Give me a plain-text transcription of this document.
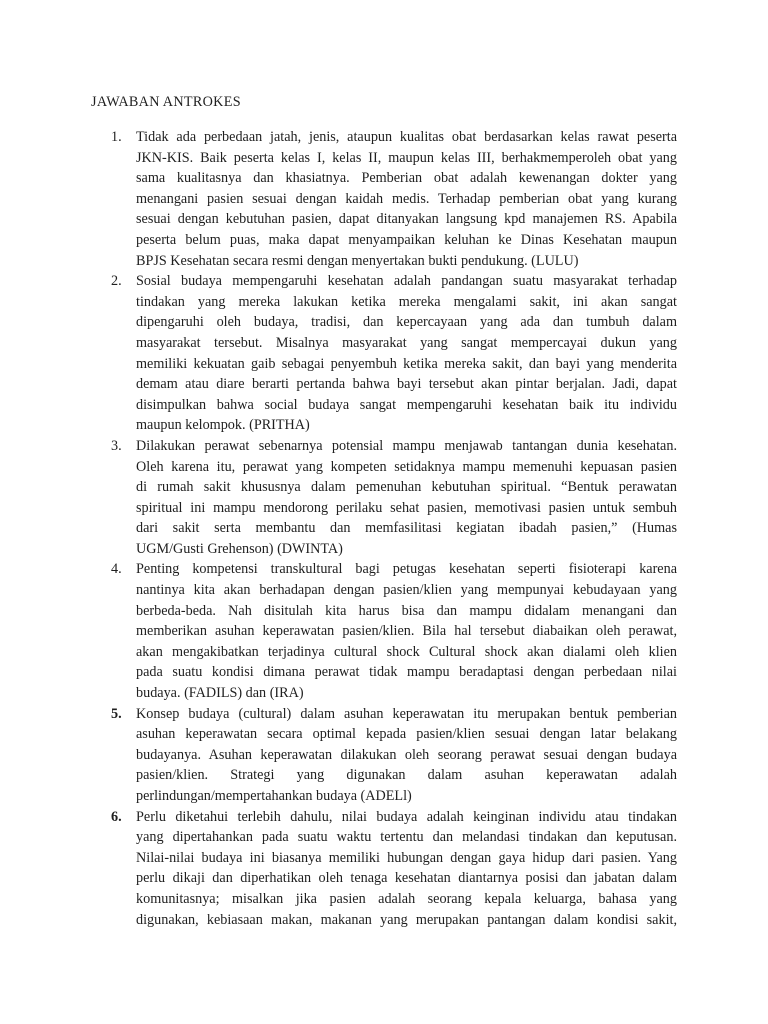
JAWABAN ANTROKES
1.	Tidak ada perbedaan jatah, jenis, ataupun kualitas obat berdasarkan kelas rawat peserta
JKN-KIS. Baik peserta kelas I, kelas II, maupun kelas III, berhakmemperoleh obat yang
sama kualitasnya dan khasiatnya. Pemberian obat adalah kewenangan dokter yang
menangani pasien sesuai dengan kaidah medis. Terhadap pemberian obat yang kurang
sesuai dengan kebutuhan pasien, dapat ditanyakan langsung kpd manajemen RS. Apabila
peserta belum puas, maka dapat menyampaikan keluhan ke Dinas Kesehatan maupun
BPJS Kesehatan secara resmi dengan menyertakan bukti pendukung. (LULU)
2.	Sosial budaya mempengaruhi kesehatan adalah pandangan suatu masyarakat terhadap
tindakan yang mereka lakukan ketika mereka mengalami sakit, ini akan sangat
dipengaruhi oleh budaya, tradisi, dan kepercayaan yang ada dan tumbuh dalam
masyarakat tersebut. Misalnya masyarakat yang sangat mempercayai dukun yang
memiliki kekuatan gaib sebagai penyembuh ketika mereka sakit, dan bayi yang menderita
demam atau diare berarti pertanda bahwa bayi tersebut akan pintar berjalan. Jadi, dapat
disimpulkan bahwa social budaya sangat mempengaruhi kesehatan baik itu individu
maupun kelompok. (PRITHA)
3.	Dilakukan perawat sebenarnya potensial mampu menjawab tantangan dunia kesehatan.
Oleh karena itu, perawat yang kompeten setidaknya mampu memenuhi kepuasan pasien
di rumah sakit khususnya dalam pemenuhan kebutuhan spiritual. “Bentuk perawatan
spiritual ini mampu mendorong perilaku sehat pasien, memotivasi pasien untuk sembuh
dari sakit serta membantu dan memfasilitasi kegiatan ibadah pasien,” (Humas
UGM/Gusti Grehenson) (DWINTA)
4.	Penting kompetensi transkultural bagi petugas kesehatan seperti fisioterapi karena
nantinya kita akan berhadapan dengan pasien/klien yang mempunyai kebudayaan yang
berbeda-beda. Nah disitulah kita harus bisa dan mampu didalam menangani dan
memberikan asuhan keperawatan pasien/klien. Bila hal tersebut diabaikan oleh perawat,
akan mengakibatkan terjadinya cultural shock Cultural shock akan dialami oleh klien
pada suatu kondisi dimana perawat tidak mampu beradaptasi dengan perbedaan nilai
budaya. (FADILS) dan (IRA)
5.	Konsep budaya (cultural) dalam asuhan keperawatan itu merupakan bentuk pemberian
asuhan keperawatan secara optimal kepada pasien/klien sesuai dengan latar belakang
budayanya. Asuhan keperawatan dilakukan oleh seorang perawat sesuai dengan budaya
pasien/klien. Strategi yang digunakan dalam asuhan keperawatan adalah
perlindungan/mempertahankan budaya (ADELl)
6.	Perlu diketahui terlebih dahulu, nilai budaya adalah keinginan individu atau tindakan
yang dipertahankan pada suatu waktu tertentu dan melandasi tindakan dan keputusan.
Nilai-nilai budaya ini biasanya memiliki hubungan dengan gaya hidup dari pasien. Yang
perlu dikaji dan diperhatikan oleh tenaga kesehatan diantarnya posisi dan jabatan dalam
komunitasnya; misalkan jika pasien adalah seorang kepala keluarga, bahasa yang
digunakan, kebiasaan makan, makanan yang merupakan pantangan dalam kondisi sakit,
